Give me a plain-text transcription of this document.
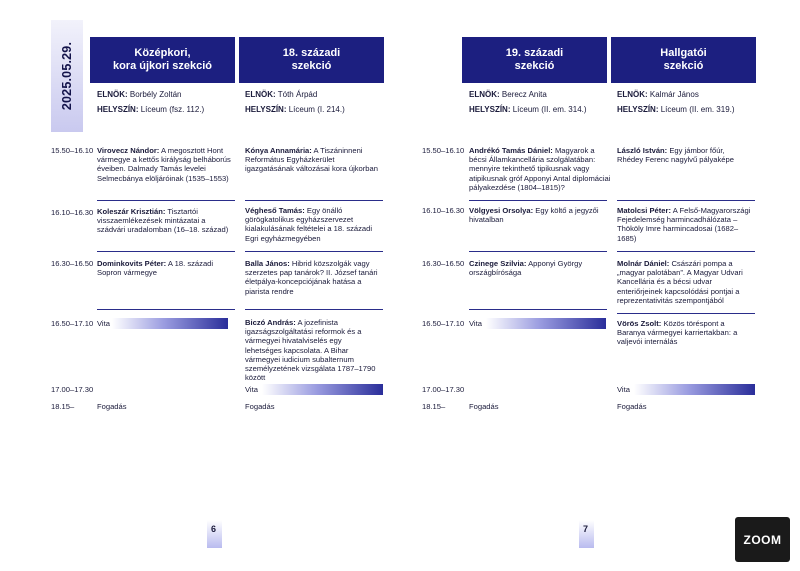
2025.05.29.	Középkori,
kora újkori szekció
18. századi
szekció
19. századi
szekció
Hallgatói
szekció
ELNÖK: Borbély Zoltán
HELYSZÍN: Líceum (fsz. 112.)
ELNÖK: Tóth Árpád
HELYSZÍN: Líceum (I. 214.)
ELNÖK: Berecz Anita
HELYSZÍN: Líceum (II. em. 314.)
ELNÖK: Kalmár János
HELYSZÍN: Líceum (II. em. 319.)
15.50–16.10
16.10–16.30
16.30–16.50
16.50–17.10
17.00–17.30
18.15–
15.50–16.10
16.10–16.30
16.30–16.50
16.50–17.10
17.00–17.30
18.15–
Virovecz Nándor: A megosztott Hont vármegye a kettős királyság belháborús éveiben. Dalmady Tamás levelei Selmecbánya elöljáróinak (1535–1553)
Koleszár Krisztián: Tisztartói visszaemlékezések mintázatai a szádvári uradalomban (16–18. század)
Dominkovits Péter: A 18. századi Sopron vármegye
Vita
Fogadás
Kónya Annamária: A Tiszáninneni Református Egyházkerület igazgatásának változásai kora újkorban
Végheső Tamás: Egy önálló görögkatolikus egyházszervezet kialakulásának feltételei a 18. századi Egri egyházmegyében
Balla János: Hibrid közszolgák vagy szerzetes pap tanárok? II. József tanári életpálya-koncepciójának hatása a piarista rendre
Biczó András: A jozefinista igazságszolgáltatási reformok és a vármegyei hivatalviselés egy lehetséges kapcsolata. A Bihar vármegyei iudicium subalternum személyzetének vizsgálata 1787–1790 között
Vita
Fogadás
Andrékó Tamás Dániel: Magyarok a bécsi Államkancellária szolgálatában: mennyire tekinthető tipikusnak vagy atipikusnak gróf Apponyi Antal diplomáciai pályakezdése (1804–1815)?
Völgyesi Orsolya: Egy költő a jegyzői hivatalban
Czinege Szilvia: Apponyi György országbírósága
Vita
Fogadás
László István: Egy jámbor főúr, Rhédey Ferenc nagylvű pályaképe
Matolcsi Péter: A Felső-Magyarországi Fejedelemség harmincadhálózata – Thököly Imre harmincadosai (1682–1685)
Molnár Dániel: Császári pompa a „magyar palotában”. A Magyar Udvari Kancellária és a bécsi udvar enteriőrjeinek kapcsolódási pontjai a reprezentativitás szempontjából
Vörös Zsolt: Közös töréspont a Baranya vármegyei karriertakban: a valjevói internálás
Vita
Fogadás
6	7
ZOOM
